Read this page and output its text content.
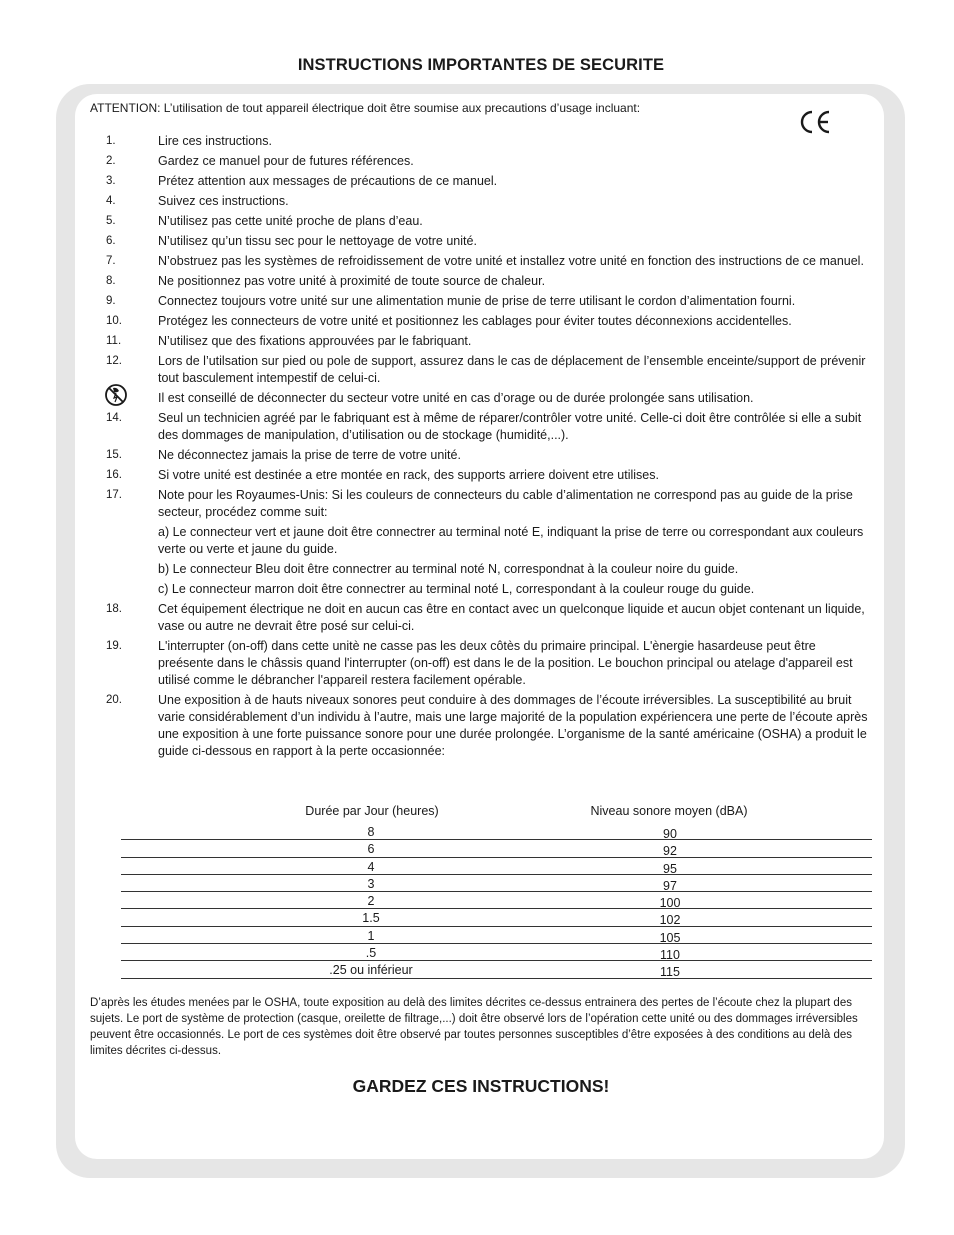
INSTRUCTIONS IMPORTANTES DE SECURITE
ATTENTION: L’utilisation de tout appareil électrique doit être soumise aux precautions d’usage incluant:
1.	Lire ces instructions.
2.	Gardez ce manuel pour de futures références.
3.	Prétez attention aux messages de précautions de ce manuel.
4.	Suivez ces instructions.
5.	N’utilisez pas cette unité proche de plans d’eau.
6.	N’utilisez qu’un tissu sec pour le nettoyage de votre unité.
7.	N’obstruez pas les systèmes de refroidissement de votre unité et installez votre unité en fonction des instructions de ce manuel.
8.	Ne positionnez pas votre unité à proximité de toute source de chaleur.
9.	Connectez toujours votre unité sur une alimentation munie de prise de terre utilisant le cordon d’alimentation fourni.
10.	Protégez les connecteurs de votre unité et positionnez les cablages pour éviter toutes déconnexions accidentelles.
11.	N’utilisez que des fixations approuvées par le fabriquant.
12.	Lors de l’utilsation sur pied ou pole de support, assurez dans le cas de déplacement de l’ensemble enceinte/support de prévenir tout basculement intempestif de celui-ci.
Il est conseillé de déconnecter du secteur votre unité en cas d’orage ou de durée prolongée sans utilisation.
14.	Seul un technicien agréé par le fabriquant est à même de réparer/contrôler votre unité. Celle-ci doit être contrôlée si elle a subit des dommages de manipulation, d’utilisation ou de stockage (humidité,...).
15.	Ne déconnectez jamais la prise de terre de votre unité.
16.	Si votre unité est destinée a etre montée en rack, des supports arriere doivent etre utilises.
17.	Note pour les Royaumes-Unis: Si les couleurs de connecteurs du cable d’alimentation ne correspond pas au guide de la prise secteur, procédez comme suit:
a) Le connecteur vert et jaune doit être connectrer au terminal noté E, indiquant la prise de terre ou correspondant aux couleurs verte ou verte et jaune du guide.
b) Le connecteur Bleu doit être connectrer au terminal noté N, correspondnat à la couleur noire du guide.
c) Le connecteur marron doit être connectrer au terminal noté L, correspondant à la couleur rouge du guide.
18.	Cet équipement électrique ne doit en aucun cas être en contact avec un quelconque liquide et aucun objet contenant un liquide, vase ou autre ne devrait être posé sur celui-ci.
19.	L'interrupter (on-off) dans cette unitè ne casse pas les deux côtès du primaire principal. L'ènergie hasardeuse peut être preésente dans le châssis quand l'interrupter (on-off) est dans le de la position. Le bouchon principal ou atelage d'appareil est utilisé comme le débrancher l'appareil restera facilement opérable.
20.	Une exposition à de hauts niveaux sonores peut conduire à des dommages de l’écoute irréversibles. La susceptibilité au bruit varie considérablement d’un individu à l’autre, mais une large majorité de la population expériencera une perte de l’écoute après une exposition à une forte puissance sonore pour une durée prolongée. L’organisme de la santé américaine (OSHA) a produit le guide ci-dessous en rapport à la perte occasionnée:
Durée par Jour (heures)	Niveau sonore moyen (dBA)
8	90
6	92
4	95
3	97
2	100
1.5	102
1	105
.5	110
.25 ou inférieur	115
D’après les études menées par le OSHA, toute exposition au delà des limites décrites ce-dessus entrainera des pertes de l’écoute chez la plupart des sujets. Le port de système de protection (casque, oreilette de filtrage,...) doit être observé lors de l’opération cette unité ou des dommages irréversibles peuvent être occasionnés. Le port de ces systèmes doit être observé par toutes personnes susceptibles d’être exposées à des conditions au delà des limites décrites ci-dessus.
GARDEZ CES INSTRUCTIONS!
